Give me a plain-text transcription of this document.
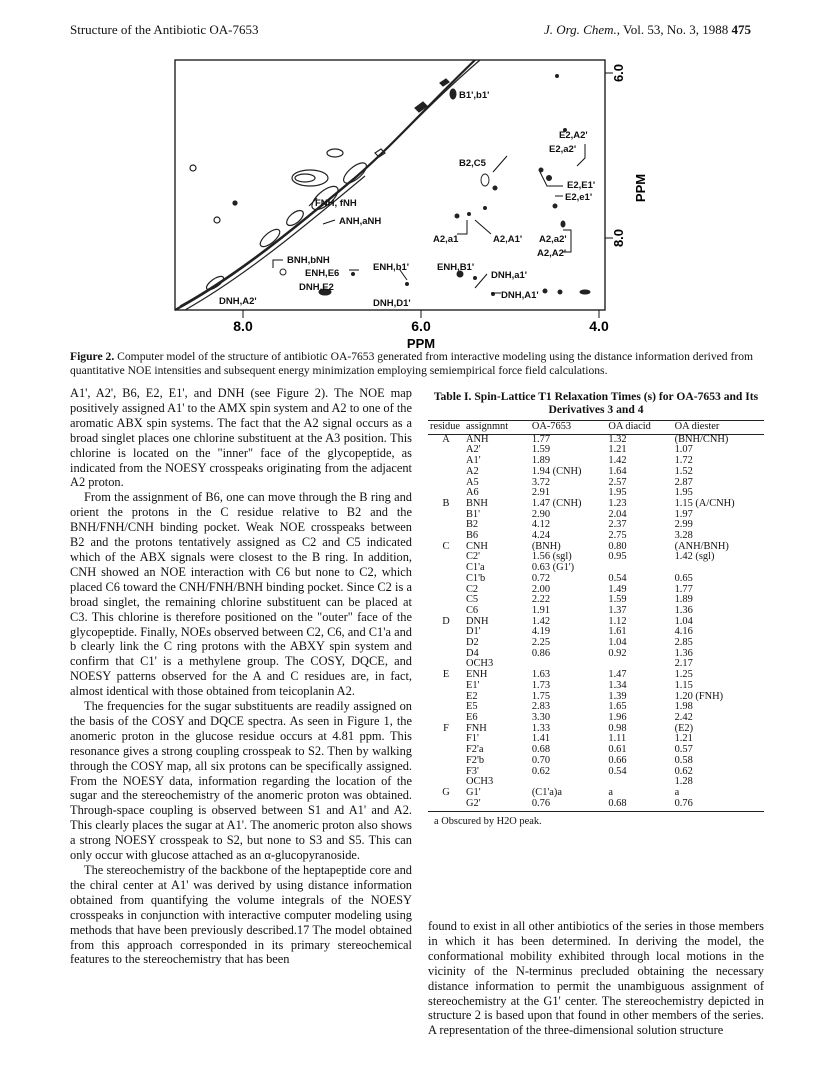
Structure of the Antibiotic OA-7653	J. Org. Chem., Vol. 53, No. 3, 1988 475
6.0
8.0
PPM
8.0	6.0	4.0
PPM
B1',b1'
E2,A2'
E2,a2'
B2,C5
E2,E1'
E2,e1'
FNH, fNH
ANH,aNH
A2,a1	A2,A1' A2,a2'
A2,A2'
BNH,bNH
ENH,E6
DNH,E2
ENH,b1'	ENH,B1'
DNH,a1'
DNH,A1'
DNH,A2'	DNH,D1'
Figure 2. Computer model of the structure of antibiotic OA-7653 generated from interactive modeling using the distance information derived from quantitative NOE intensities and subsequent energy minimization employing semiempirical force field calculations.

A1', A2', B6, E2, E1', and DNH (see Figure 2). The NOE map positively assigned A1' to the AMX spin system and A2 to one of the aromatic ABX spin systems. The fact that the A2 signal occurs as a broad singlet places one chlorine substituent at the A3 position. This chlorine is located on the "inner" face of the glycopeptide, as indicated from the NOESY crosspeaks originating from the adjacent A2 proton.

From the assignment of B6, one can move through the B ring and orient the protons in the C residue relative to B2 and the BNH/FNH/CNH binding pocket. Weak NOE crosspeaks between B2 and the protons tentatively assigned as C2 and C5 indicated which of the ABX signals were closest to the B ring. In addition, CNH showed an NOE interaction with C6 but none to C2, which placed C6 toward the CNH/FNH/BNH binding pocket. Since C2 is a broad singlet, the remaining chlorine substituent can be placed at C3. This chlorine is therefore positioned on the "outer" face of the glycopeptide. Finally, NOEs observed between C2, C6, and C1'a and b clearly link the C ring protons with the ABXY spin system and confirm that C1' is a methylene group. The COSY, DQCE, and NOESY patterns observed for the A and C residues are, in fact, almost identical with those obtained from teicoplanin A2.

The frequencies for the sugar substituents are readily assigned on the basis of the COSY and DQCE spectra. As seen in Figure 1, the anomeric proton in the glucose residue occurs at 4.81 ppm. This resonance gives a strong coupling crosspeak to S2. Then by walking through the COSY map, all six protons can be specifically assigned. From the NOESY data, information regarding the location of the sugar and the stereochemistry of the anomeric proton was obtained. Through-space coupling is observed between S1 and A1' and A2. This clearly places the sugar at A1'. The anomeric proton also shows a strong NOESY crosspeak to S2, but none to S3 and S5. This can only occur with glucose attached as an α-glucopyranoside.

The stereochemistry of the backbone of the heptapeptide core and the chiral center at A1' was derived by using distance information obtained from quantifying the volume integrals of the NOESY crosspeaks in conjunction with interactive computer modeling using methods that have been previously described.17 The model obtained from this approach corresponded in its primary stereochemical features to the stereochemistry that has been

Table I. Spin-Lattice T1 Relaxation Times (s) for OA-7653 and Its Derivatives 3 and 4
residue	assignmnt	OA-7653	OA diacid	OA diester
A	ANH	1.77	1.32	(BNH/CNH)
	A2'	1.59	1.21	1.07
	A1'	1.89	1.42	1.72
	A2	1.94 (CNH)	1.64	1.52
	A5	3.72	2.57	2.87
	A6	2.91	1.95	1.95
B	BNH	1.47 (CNH)	1.23	1.15 (A/CNH)
	B1'	2.90	2.04	1.97
	B2	4.12	2.37	2.99
	B6	4.24	2.75	3.28
C	CNH	(BNH)	0.80	(ANH/BNH)
	C2'	1.56 (sgl)	0.95	1.42 (sgl)
	C1'a	0.63 (G1')		
	C1'b	0.72	0.54	0.65
	C2	2.00	1.49	1.77
	C5	2.22	1.59	1.89
	C6	1.91	1.37	1.36
D	DNH	1.42	1.12	1.04
	D1'	4.19	1.61	4.16
	D2	2.25	1.04	2.85
	D4	0.86	0.92	1.36
	OCH3			2.17
E	ENH	1.63	1.47	1.25
	E1'	1.73	1.34	1.15
	E2	1.75	1.39	1.20 (FNH)
	E5	2.83	1.65	1.98
	E6	3.30	1.96	2.42
F	FNH	1.33	0.98	(E2)
	F1'	1.41	1.11	1.21
	F2'a	0.68	0.61	0.57
	F2'b	0.70	0.66	0.58
	F3'	0.62	0.54	0.62
	OCH3			1.28
G	G1'	(C1'a)a	a	a
	G2'	0.76	0.68	0.76
a Obscured by H2O peak.

found to exist in all other antibiotics of the series in those members in which it has been determined. In deriving the model, the conformational mobility exhibited through local motions in the vicinity of the N-terminus precluded obtaining the necessary distance information to permit the unambiguous assignment of stereochemistry at the G1' center. The stereochemistry depicted in structure 2 is based upon that found in other members of the series. A representation of the three-dimensional solution structure
